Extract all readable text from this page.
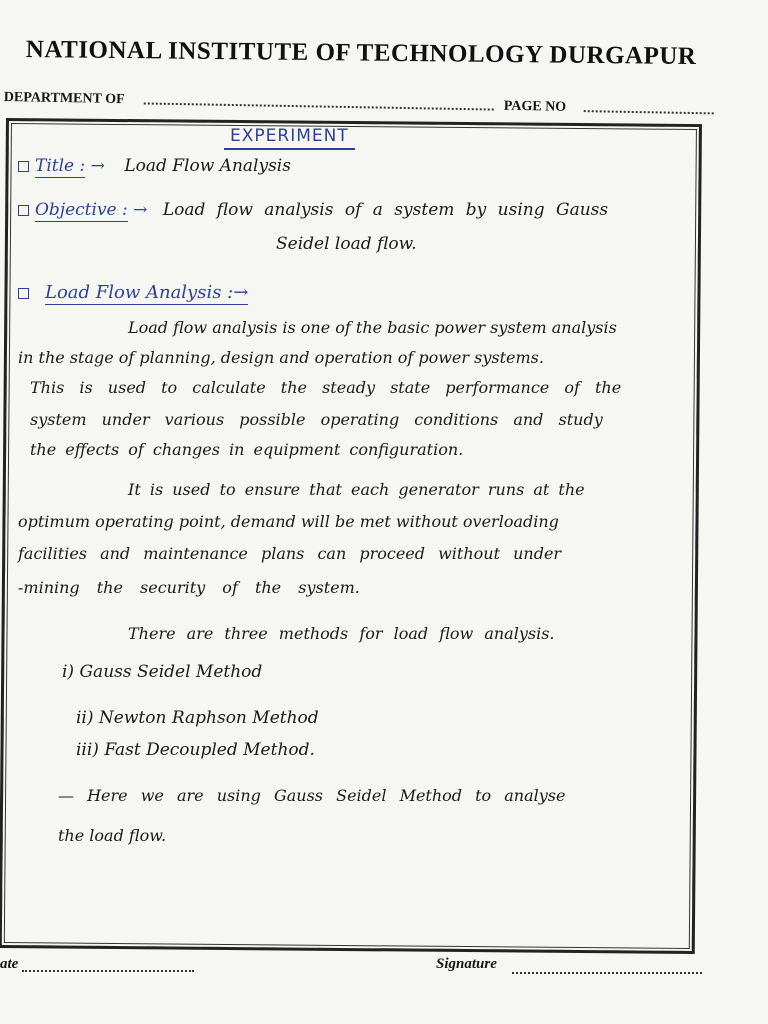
NATIONAL INSTITUTE OF TECHNOLOGY DURGAPUR
DEPARTMENT OF	PAGE NO
EXPERIMENT
Title : → Load Flow Analysis
Objective : → Load flow analysis of a system by using Gauss
Seidel load flow.
Load Flow Analysis :→
Load flow analysis is one of the basic power system analysis
in the stage of planning, design and operation of power systems.
This is used to calculate the steady state performance of the
system under various possible operating conditions and study
the effects of changes in equipment configuration.
It is used to ensure that each generator runs at the
optimum operating point, demand will be met without overloading
facilities and maintenance plans can proceed without under
-mining the security of the system.
There are three methods for load flow analysis.
i) Gauss Seidel Method
ii) Newton Raphson Method
iii) Fast Decoupled Method.
— Here we are using Gauss Seidel Method to analyse
the load flow.
ate	Signature
